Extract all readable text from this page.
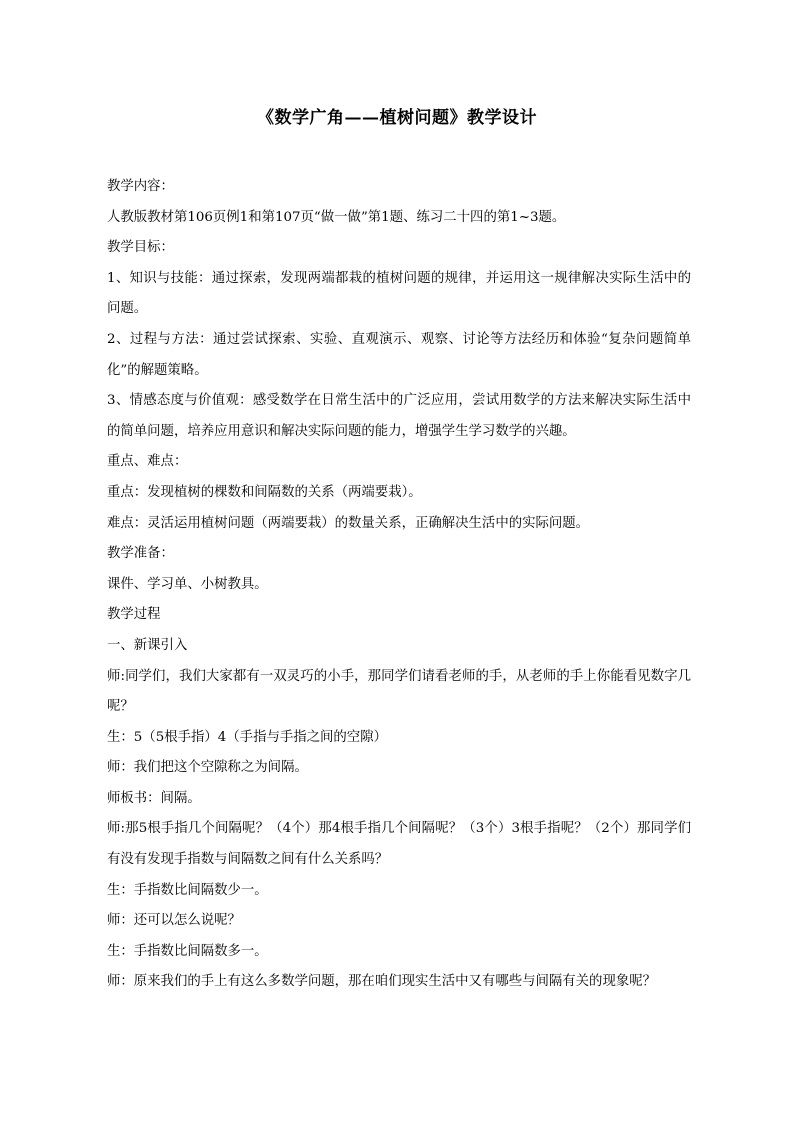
《数学广角——植树问题》教学设计

教学内容：

人教版教材第106页例1和第107页“做一做”第1题、练习二十四的第1~3题。

教学目标：

1、知识与技能：通过探索，发现两端都栽的植树问题的规律，并运用这一规律解决实际生活中的问题。

2、过程与方法：通过尝试探索、实验、直观演示、观察、讨论等方法经历和体验“复杂问题简单化”的解题策略。

3、情感态度与价值观：感受数学在日常生活中的广泛应用，尝试用数学的方法来解决实际生活中的简单问题，培养应用意识和解决实际问题的能力，增强学生学习数学的兴趣。

重点、难点：

重点：发现植树的棵数和间隔数的关系（两端要栽）。

难点：灵活运用植树问题（两端要栽）的数量关系，正确解决生活中的实际问题。

教学准备：

课件、学习单、小树教具。

教学过程

一、新课引入

师:同学们，我们大家都有一双灵巧的小手，那同学们请看老师的手，从老师的手上你能看见数字几呢？

生：5（5根手指）4（手指与手指之间的空隙）

师：我们把这个空隙称之为间隔。

师板书：间隔。

师:那5根手指几个间隔呢？（4个）那4根手指几个间隔呢？（3个）3根手指呢？（2个）那同学们有没有发现手指数与间隔数之间有什么关系吗？

生：手指数比间隔数少一。

师：还可以怎么说呢？

生：手指数比间隔数多一。

师：原来我们的手上有这么多数学问题，那在咱们现实生活中又有哪些与间隔有关的现象呢？
